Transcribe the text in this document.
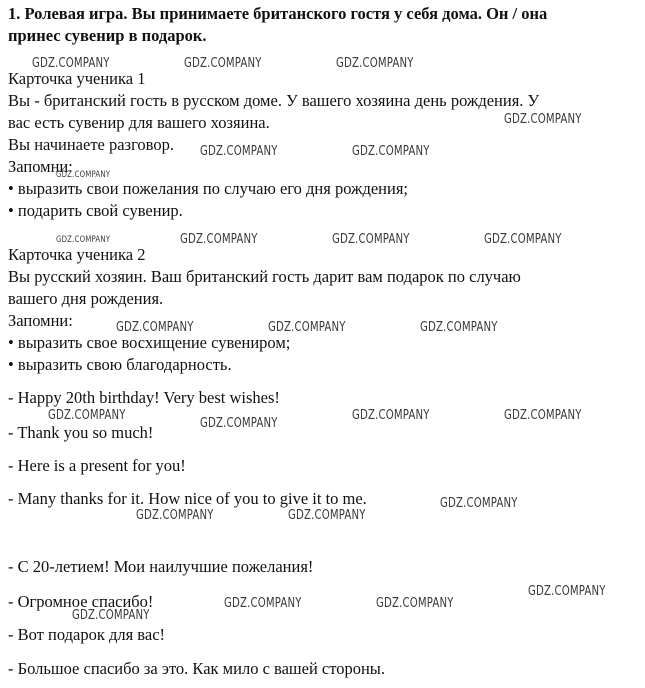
1. Ролевая игра. Вы принимаете британского гостя у себя дома. Он / она
принес сувенир в подарок.
Карточка ученика 1
Вы - британский гость в русском доме. У вашего хозяина день рождения. У
вас есть сувенир для вашего хозяина.
Вы начинаете разговор.
Запомни:
• выразить свои пожелания по случаю его дня рождения;
• подарить свой сувенир.
Карточка ученика 2
Вы русский хозяин. Ваш британский гость дарит вам подарок по случаю
вашего дня рождения.
Запомни:
• выразить свое восхищение сувениром;
• выразить свою благодарность.
- Happy 20th birthday! Very best wishes!
- Thank you so much!
- Here is a present for you!
- Many thanks for it. How nice of you to give it to me.
- С 20-летием! Мои наилучшие пожелания!
- Огромное спасибо!
- Вот подарок для вас!
- Большое спасибо за это. Как мило с вашей стороны.
GDZ.COMPANY	GDZ.COMPANY	GDZ.COMPANY
GDZ.COMPANY
GDZ.COMPANY	GDZ.COMPANY
GDZ.COMPANY
GDZ.COMPANY	GDZ.COMPANY	GDZ.COMPANY	GDZ.COMPANY
GDZ.COMPANY	GDZ.COMPANY	GDZ.COMPANY
GDZ.COMPANY
GDZ.COMPANY
GDZ.COMPANY	GDZ.COMPANY
GDZ.COMPANY
GDZ.COMPANY	GDZ.COMPANY
GDZ.COMPANY
GDZ.COMPANY	GDZ.COMPANY
GDZ.COMPANY
